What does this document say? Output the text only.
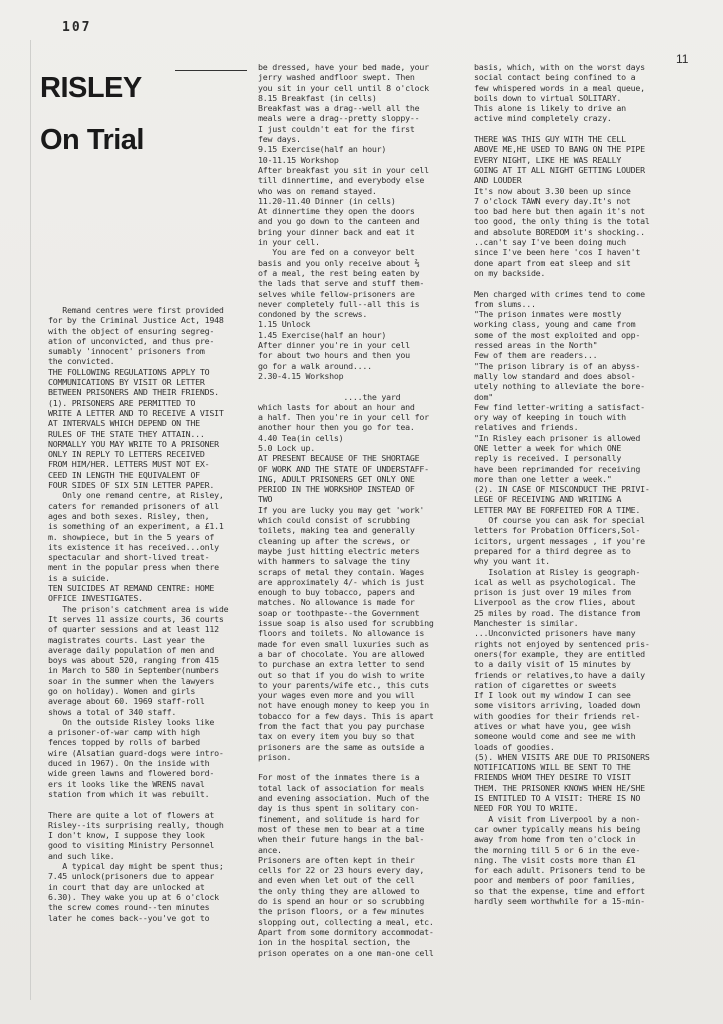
107
11
RISLEY
On Trial
Remand centres were first provided
for by the Criminal Justice Act, 1948
with the object of ensuring segreg-
ation of unconvicted, and thus pre-
sumably 'innocent' prisoners from
the convicted.
THE FOLLOWING REGULATIONS APPLY TO
COMMUNICATIONS BY VISIT OR LETTER
BETWEEN PRISONERS AND THEIR FRIENDS.
(1). PRISONERS ARE PERMITTED TO
WRITE A LETTER AND TO RECEIVE A VISIT
AT INTERVALS WHICH DEPEND ON THE
RULES OF THE STATE THEY ATTAIN...
NORMALLY YOU MAY WRITE TO A PRISONER
ONLY IN REPLY TO LETTERS RECEIVED
FROM HIM/HER. LETTERS MUST NOT EX-
CEED IN LENGTH THE EQUIVALENT OF
FOUR SIDES OF SIX 5IN LETTER PAPER.
Only one remand centre, at Risley,
caters for remanded prisoners of all
ages and both sexes. Risley, then,
is something of an experiment, a £1.1
m. showpiece, but in the 5 years of
its existence it has received...only
spectacular and short-lived treat-
ment in the popular press when there
is a suicide.
TEN SUICIDES AT REMAND CENTRE: HOME
OFFICE INVESTIGATES.
The prison's catchment area is wide
It serves 11 assize courts, 36 courts
of quarter sessions and at least 112
magistrates courts. Last year the
average daily population of men and
boys was about 520, ranging from 415
in March to 580 in September(numbers
soar in the summer when the lawyers
go on holiday). Women and girls
average about 60. 1969 staff-roll
shows a total of 340 staff.
On the outside Risley looks like
a prisoner-of-war camp with high
fences topped by rolls of barbed
wire (Alsatian guard-dogs were intro-
duced in 1967). On the inside with
wide green lawns and flowered bord-
ers it looks like the WRENS naval
station from which it was rebuilt.

There are quite a lot of flowers at
Risley--its surprising really, though
I don't know, I suppose they look
good to visiting Ministry Personnel
and such like.
A typical day might be spent thus;
7.45 unlock(prisoners due to appear
in court that day are unlocked at
6.30). They wake you up at 6 o'clock
the screw comes round--ten minutes
later he comes back--you've got to
be dressed, have your bed made, your
jerry washed andfloor swept. Then
you sit in your cell until 8 o'clock
8.15 Breakfast (in cells)
Breakfast was a drag--well all the
meals were a drag--pretty sloppy--
I just couldn't eat for the first
few days.
9.15 Exercise(half an hour)
10-11.15 Workshop
After breakfast you sit in your cell
till dinnertime, and everybody else
who was on remand stayed.
11.20-11.40 Dinner (in cells)
At dinnertime they open the doors
and you go down to the canteen and
bring your dinner back and eat it
in your cell.
You are fed on a conveyor belt
basis and you only receive about ⅔
of a meal, the rest being eaten by
the lads that serve and stuff them-
selves while fellow-prisoners are
never completely full--all this is
condoned by the screws.
1.15 Unlock
1.45 Exercise(half an hour)
After dinner you're in your cell
for about two hours and then you
go for a walk around....
2.30-4.15 Workshop

....the yard
which lasts for about an hour and
a half. Then you're in your cell for
another hour then you go for tea.
4.40 Tea(in cells)
5.0 Lock up.
AT PRESENT BECAUSE OF THE SHORTAGE
OF WORK AND THE STATE OF UNDERSTAFF-
ING, ADULT PRISONERS GET ONLY ONE
PERIOD IN THE WORKSHOP INSTEAD OF
TWO
If you are lucky you may get 'work'
which could consist of scrubbing
toilets, making tea and generally
cleaning up after the screws, or
maybe just hitting electric meters
with hammers to salvage the tiny
scraps of metal they contain. Wages
are approximately 4/- which is just
enough to buy tobacco, papers and
matches. No allowance is made for
soap or toothpaste--the Government
issue soap is also used for scrubbing
floors and toilets. No allowance is
made for even small luxuries such as
a bar of chocolate. You are allowed
to purchase an extra letter to send
out so that if you do wish to write
to your parents/wife etc., this cuts
your wages even more and you will
not have enough money to keep you in
tobacco for a few days. This is apart
from the fact that you pay purchase
tax on every item you buy so that
prisoners are the same as outside a
prison.

For most of the inmates there is a
total lack of association for meals
and evening association. Much of the
day is thus spent in solitary con-
finement, and solitude is hard for
most of these men to bear at a time
when their future hangs in the bal-
ance.
Prisoners are often kept in their
cells for 22 or 23 hours every day,
and even when let out of the cell
the only thing they are allowed to
do is spend an hour or so scrubbing
the prison floors, or a few minutes
slopping out, collecting a meal, etc.
Apart from some dormitory accommodat-
ion in the hospital section, the
prison operates on a one man-one cell
basis, which, with on the worst days
social contact being confined to a
few whispered words in a meal queue,
boils down to virtual SOLITARY.
This alone is likely to drive an
active mind completely crazy.

THERE WAS THIS GUY WITH THE CELL
ABOVE ME,HE USED TO BANG ON THE PIPE
EVERY NIGHT, LIKE HE WAS REALLY
GOING AT IT ALL NIGHT GETTING LOUDER
AND LOUDER
It's now about 3.30 been up since
7 o'clock TAWN every day.It's not
too bad here but then again it's not
too good, the only thing is the total
and absolute BOREDOM it's shocking..
..can't say I've been doing much
since I've been here 'cos I haven't
done apart from eat sleep and sit
on my backside.

Men charged with crimes tend to come
from slums...
"The prison inmates were mostly
working class, young and came from
some of the most exploited and opp-
ressed areas in the North"
Few of them are readers...
"The prison library is of an abyss-
mally low standard and does absol-
utely nothing to alleviate the bore-
dom"
Few find letter-writing a satisfact-
ory way of keeping in touch with
relatives and friends.
"In Risley each prisoner is allowed
ONE letter a week for which ONE
reply is received. I personally
have been reprimanded for receiving
more than one letter a week."
(2). IN CASE OF MISCONDUCT THE PRIVI-
LEGE OF RECEIVING AND WRITING A
LETTER MAY BE FORFEITED FOR A TIME.
Of course you can ask for special
letters for Probation Officers,Sol-
icitors, urgent messages , if you're
prepared for a third degree as to
why you want it.
Isolation at Risley is geograph-
ical as well as psychological. The
prison is just over 19 miles from
Liverpool as the crow flies, about
25 miles by road. The distance from
Manchester is similar.
...Unconvicted prisoners have many
rights not enjoyed by sentenced pris-
oners(for example, they are entitled
to a daily visit of 15 minutes by
friends or relatives,to have a daily
ration of cigarettes or sweets
If I look out my window I can see
some visitors arriving, loaded down
with goodies for their friends rel-
atives or what have you, gee wish
someone would come and see me with
loads of goodies.
(5). WHEN VISITS ARE DUE TO PRISONERS
NOTIFICATIONS WILL BE SENT TO THE
FRIENDS WHOM THEY DESIRE TO VISIT
THEM. THE PRISONER KNOWS WHEN HE/SHE
IS ENTITLED TO A VISIT: THERE IS NO
NEED FOR YOU TO WRITE.
A visit from Liverpool by a non-
car owner typically means his being
away from home from ten o'clock in
the morning till 5 or 6 in the eve-
ning. The visit costs more than £1
for each adult. Prisoners tend to be
poor and members of poor families,
so that the expense, time and effort
hardly seem worthwhile for a 15-min-
